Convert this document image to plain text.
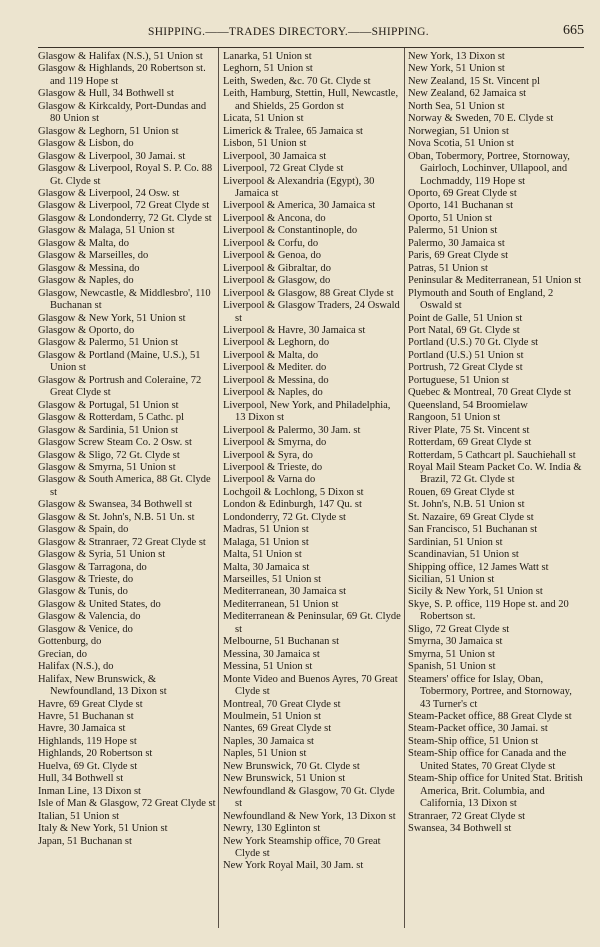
SHIPPING.——TRADES DIRECTORY.——SHIPPING.	665
Glasgow & Halifax (N.S.), 51 Union st
Glasgow & Highlands, 20 Robertson st. and 119 Hope st
Glasgow & Hull, 34 Bothwell st
Glasgow & Kirkcaldy, Port-Dundas and 80 Union st
Glasgow & Leghorn, 51 Union st
Glasgow & Lisbon, do
Glasgow & Liverpool, 30 Jamai. st
Glasgow & Liverpool, Royal S. P. Co. 88 Gt. Clyde st
Glasgow & Liverpool, 24 Osw. st
Glasgow & Liverpool, 72 Great Clyde st
Glasgow & Londonderry, 72 Gt. Clyde st
Glasgow & Malaga, 51 Union st
Glasgow & Malta, do
Glasgow & Marseilles, do
Glasgow & Messina, do
Glasgow & Naples, do
Glasgow, Newcastle, & Middlesbro', 110 Buchanan st
Glasgow & New York, 51 Union st
Glasgow & Oporto, do
Glasgow & Palermo, 51 Union st
Glasgow & Portland (Maine, U.S.), 51 Union st
Glasgow & Portrush and Coleraine, 72 Great Clyde st
Glasgow & Portugal, 51 Union st
Glasgow & Rotterdam, 5 Cathc. pl
Glasgow & Sardinia, 51 Union st
Glasgow Screw Steam Co. 2 Osw. st
Glasgow & Sligo, 72 Gt. Clyde st
Glasgow & Smyrna, 51 Union st
Glasgow & South America, 88 Gt. Clyde st
Glasgow & Swansea, 34 Bothwell st
Glasgow & St. John's, N.B. 51 Un. st
Glasgow & Spain, do
Glasgow & Stranraer, 72 Great Clyde st
Glasgow & Syria, 51 Union st
Glasgow & Tarragona, do
Glasgow & Trieste, do
Glasgow & Tunis, do
Glasgow & United States, do
Glasgow & Valencia, do
Glasgow & Venice, do
Gottenburg, do
Grecian, do
Halifax (N.S.), do
Halifax, New Brunswick, & Newfoundland, 13 Dixon st
Havre, 69 Great Clyde st
Havre, 51 Buchanan st
Havre, 30 Jamaica st
Highlands, 119 Hope st
Highlands, 20 Robertson st
Huelva, 69 Gt. Clyde st
Hull, 34 Bothwell st
Inman Line, 13 Dixon st
Isle of Man & Glasgow, 72 Great Clyde st
Italian, 51 Union st
Italy & New York, 51 Union st
Japan, 51 Buchanan st
Lanarka, 51 Union st
Leghorn, 51 Union st
Leith, Sweden, &c. 70 Gt. Clyde st
Leith, Hamburg, Stettin, Hull, Newcastle, and Shields, 25 Gordon st
Licata, 51 Union st
Limerick & Tralee, 65 Jamaica st
Lisbon, 51 Union st
Liverpool, 30 Jamaica st
Liverpool, 72 Great Clyde st
Liverpool & Alexandria (Egypt), 30 Jamaica st
Liverpool & America, 30 Jamaica st
Liverpool & Ancona, do
Liverpool & Constantinople, do
Liverpool & Corfu, do
Liverpool & Genoa, do
Liverpool & Gibraltar, do
Liverpool & Glasgow, do
Liverpool & Glasgow, 88 Great Clyde st
Liverpool & Glasgow Traders, 24 Oswald st
Liverpool & Havre, 30 Jamaica st
Liverpool & Leghorn, do
Liverpool & Malta, do
Liverpool & Mediter. do
Liverpool & Messina, do
Liverpool & Naples, do
Liverpool, New York, and Philadelphia, 13 Dixon st
Liverpool & Palermo, 30 Jam. st
Liverpool & Smyrna, do
Liverpool & Syra, do
Liverpool & Trieste, do
Liverpool & Varna do
Lochgoil & Lochlong, 5 Dixon st
London & Edinburgh, 147 Qu. st
Londonderry, 72 Gt. Clyde st
Madras, 51 Union st
Malaga, 51 Union st
Malta, 51 Union st
Malta, 30 Jamaica st
Marseilles, 51 Union st
Mediterranean, 30 Jamaica st
Mediterranean, 51 Union st
Mediterranean & Peninsular, 69 Gt. Clyde st
Melbourne, 51 Buchanan st
Messina, 30 Jamaica st
Messina, 51 Union st
Monte Video and Buenos Ayres, 70 Great Clyde st
Montreal, 70 Great Clyde st
Moulmein, 51 Union st
Nantes, 69 Great Clyde st
Naples, 30 Jamaica st
Naples, 51 Union st
New Brunswick, 70 Gt. Clyde st
New Brunswick, 51 Union st
Newfoundland & Glasgow, 70 Gt. Clyde st
Newfoundland & New York, 13 Dixon st
Newry, 130 Eglinton st
New York Steamship office, 70 Great Clyde st
New York Royal Mail, 30 Jam. st
New York, 13 Dixon st
New York, 51 Union st
New Zealand, 15 St. Vincent pl
New Zealand, 62 Jamaica st
North Sea, 51 Union st
Norway & Sweden, 70 E. Clyde st
Norwegian, 51 Union st
Nova Scotia, 51 Union st
Oban, Tobermory, Portree, Stornoway, Gairloch, Lochinver, Ullapool, and Lochmaddy, 119 Hope st
Oporto, 69 Great Clyde st
Oporto, 141 Buchanan st
Oporto, 51 Union st
Palermo, 51 Union st
Palermo, 30 Jamaica st
Paris, 69 Great Clyde st
Patras, 51 Union st
Peninsular & Mediterranean, 51 Union st
Plymouth and South of England, 2 Oswald st
Point de Galle, 51 Union st
Port Natal, 69 Gt. Clyde st
Portland (U.S.) 70 Gt. Clyde st
Portland (U.S.) 51 Union st
Portrush, 72 Great Clyde st
Portuguese, 51 Union st
Quebec & Montreal, 70 Great Clyde st
Queensland, 54 Broomielaw
Rangoon, 51 Union st
River Plate, 75 St. Vincent st
Rotterdam, 69 Great Clyde st
Rotterdam, 5 Cathcart pl. Sauchiehall st
Royal Mail Steam Packet Co. W. India & Brazil, 72 Gt. Clyde st
Rouen, 69 Great Clyde st
St. John's, N.B. 51 Union st
St. Nazaire, 69 Great Clyde st
San Francisco, 51 Buchanan st
Sardinian, 51 Union st
Scandinavian, 51 Union st
Shipping office, 12 James Watt st
Sicilian, 51 Union st
Sicily & New York, 51 Union st
Skye, S. P. office, 119 Hope st. and 20 Robertson st.
Sligo, 72 Great Clyde st
Smyrna, 30 Jamaica st
Smyrna, 51 Union st
Spanish, 51 Union st
Steamers' office for Islay, Oban, Tobermory, Portree, and Stornoway, 43 Turner's ct
Steam-Packet office, 88 Great Clyde st
Steam-Packet office, 30 Jamai. st
Steam-Ship office, 51 Union st
Steam-Ship office for Canada and the United States, 70 Great Clyde st
Steam-Ship office for United Stat. British America, Brit. Columbia, and California, 13 Dixon st
Stranraer, 72 Great Clyde st
Swansea, 34 Bothwell st
